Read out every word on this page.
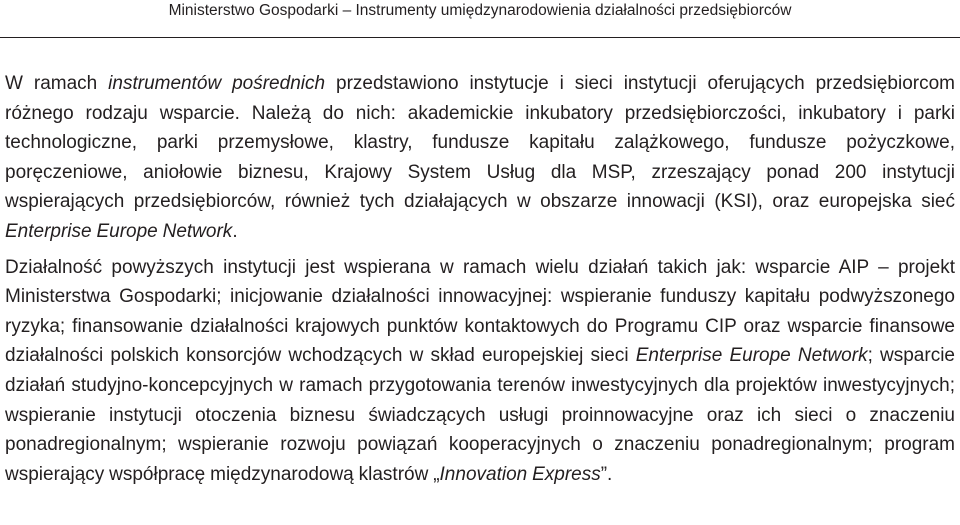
Ministerstwo Gospodarki – Instrumenty umiędzynarodowienia działalności przedsiębiorców

W ramach instrumentów pośrednich przedstawiono instytucje i sieci instytucji oferujących przedsiębiorcom różnego rodzaju wsparcie. Należą do nich: akademickie inkubatory przedsiębiorczości, inkubatory i parki technologiczne, parki przemysłowe, klastry, fundusze kapitału zalążkowego, fundusze pożyczkowe, poręczeniowe, aniołowie biznesu, Krajowy System Usług dla MSP, zrzeszający ponad 200 instytucji wspierających przedsiębiorców, również tych działających w obszarze innowacji (KSI), oraz europejska sieć Enterprise Europe Network.

Działalność powyższych instytucji jest wspierana w ramach wielu działań takich jak: wsparcie AIP – projekt Ministerstwa Gospodarki; inicjowanie działalności innowacyjnej: wspieranie funduszy kapitału podwyższonego ryzyka; finansowanie działalności krajowych punktów kontaktowych do Programu CIP oraz wsparcie finansowe działalności polskich konsorcjów wchodzących w skład europejskiej sieci Enterprise Europe Network; wsparcie działań studyjno-koncepcyjnych w ramach przygotowania terenów inwestycyjnych dla projektów inwestycyjnych; wspieranie instytucji otoczenia biznesu świadczących usługi proinnowacyjne oraz ich sieci o znaczeniu ponadregionalnym; wspieranie rozwoju powiązań kooperacyjnych o znaczeniu ponadregionalnym; program wspierający współpracę międzynarodową klastrów „Innovation Express”.
